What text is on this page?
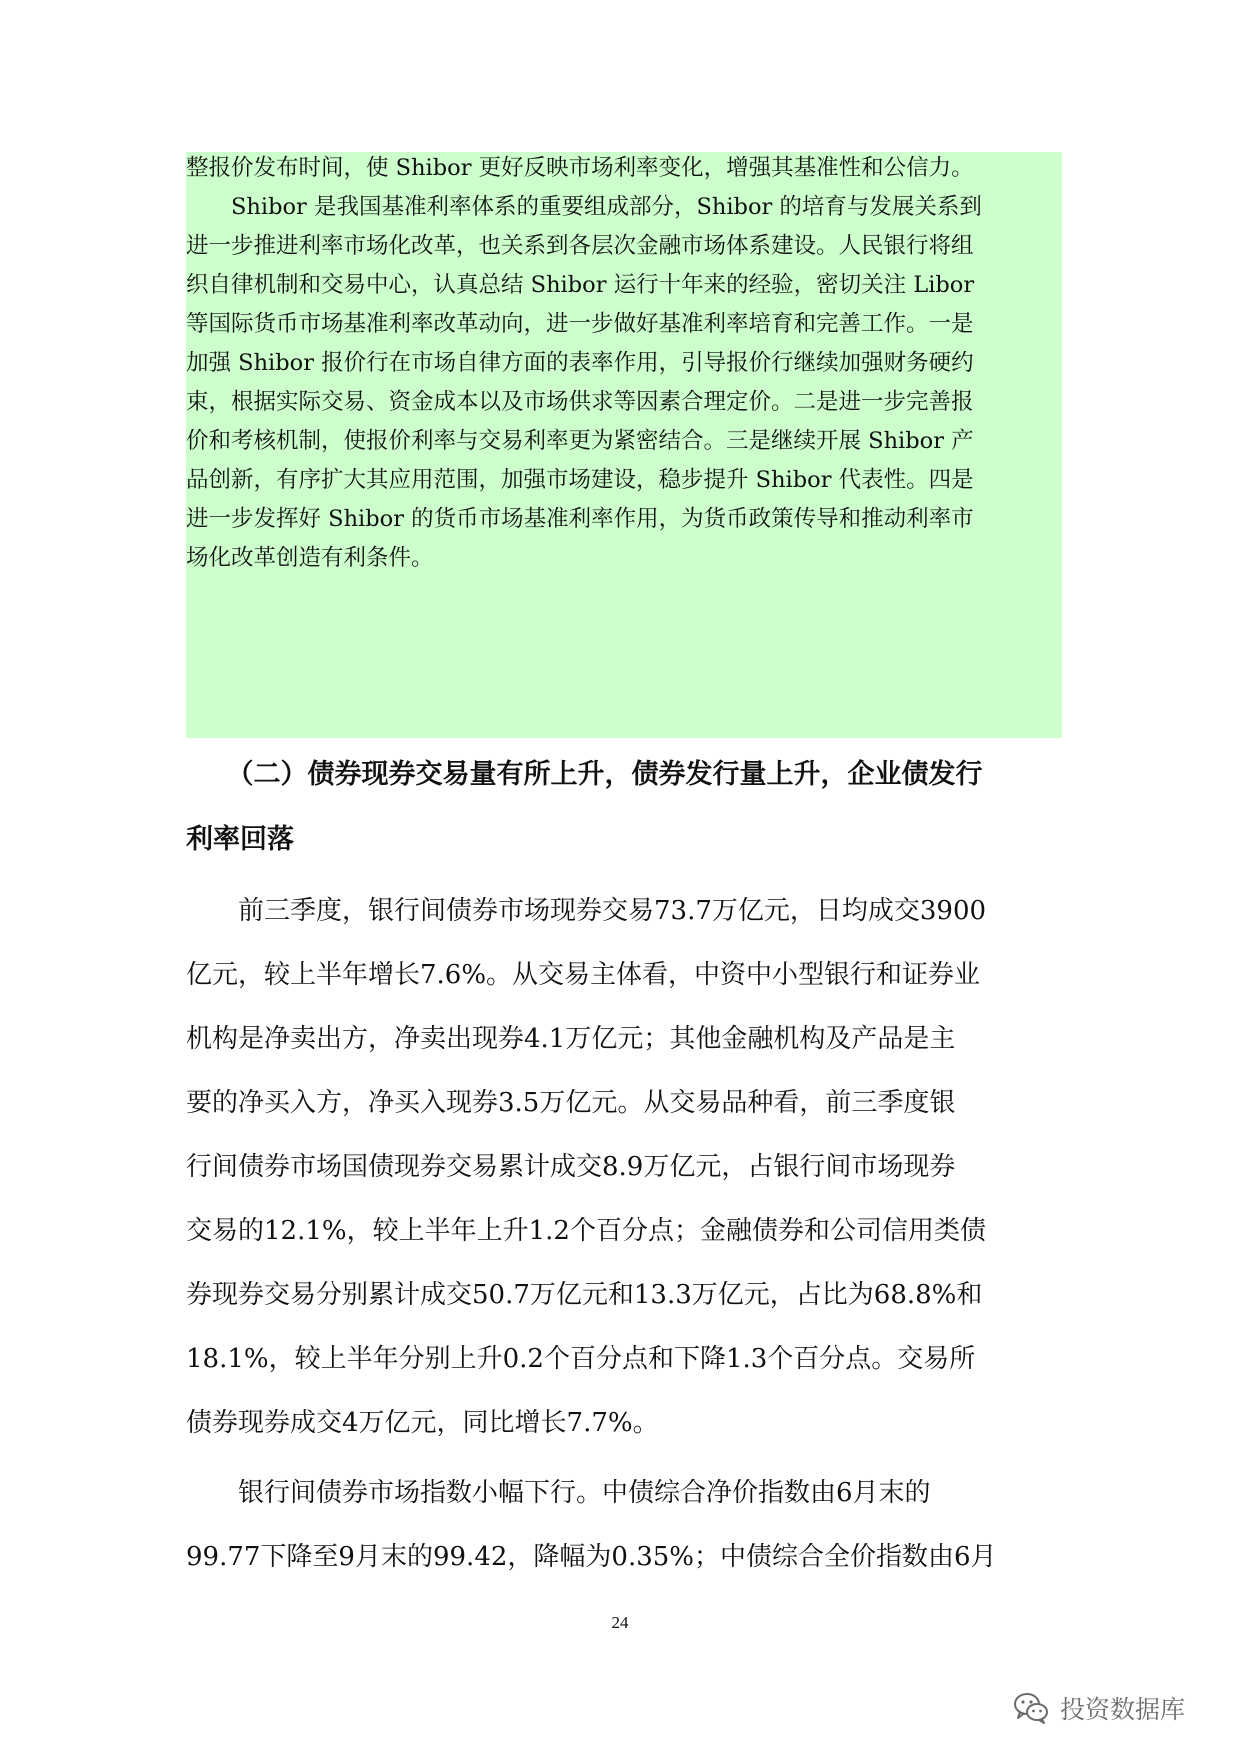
整报价发布时间，使 Shibor 更好反映市场利率变化，增强其基准性和公信力。
　　Shibor 是我国基准利率体系的重要组成部分，Shibor 的培育与发展关系到
进一步推进利率市场化改革，也关系到各层次金融市场体系建设。人民银行将组
织自律机制和交易中心，认真总结 Shibor 运行十年来的经验，密切关注 Libor
等国际货币市场基准利率改革动向，进一步做好基准利率培育和完善工作。一是
加强 Shibor 报价行在市场自律方面的表率作用，引导报价行继续加强财务硬约
束，根据实际交易、资金成本以及市场供求等因素合理定价。二是进一步完善报
价和考核机制，使报价利率与交易利率更为紧密结合。三是继续开展 Shibor 产
品创新，有序扩大其应用范围，加强市场建设，稳步提升 Shibor 代表性。四是
进一步发挥好 Shibor 的货币市场基准利率作用，为货币政策传导和推动利率市
场化改革创造有利条件。
　　（二）债券现券交易量有所上升，债券发行量上升，企业债发行
利率回落
　　前三季度，银行间债券市场现券交易73.7万亿元，日均成交3900
亿元，较上半年增长7.6%。从交易主体看，中资中小型银行和证券业
机构是净卖出方，净卖出现券4.1万亿元；其他金融机构及产品是主
要的净买入方，净买入现券3.5万亿元。从交易品种看，前三季度银
行间债券市场国债现券交易累计成交8.9万亿元，占银行间市场现券
交易的12.1%，较上半年上升1.2个百分点；金融债券和公司信用类债
券现券交易分别累计成交50.7万亿元和13.3万亿元，占比为68.8%和
18.1%，较上半年分别上升0.2个百分点和下降1.3个百分点。交易所
债券现券成交4万亿元，同比增长7.7%。
　　银行间债券市场指数小幅下行。中债综合净价指数由6月末的
99.77下降至9月末的99.42，降幅为0.35%；中债综合全价指数由6月
24
投资数据库
